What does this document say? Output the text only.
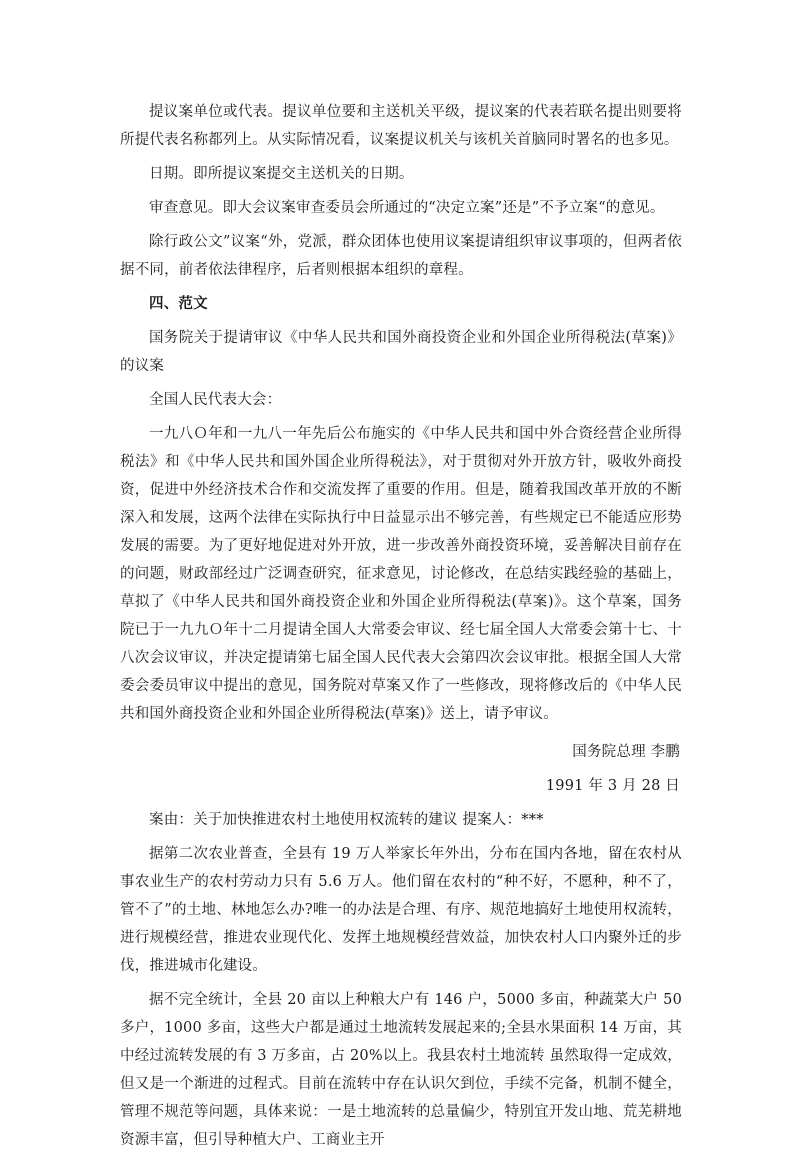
提议案单位或代表。提议单位要和主送机关平级，提议案的代表若联名提出则要将所提代表名称都列上。从实际情况看，议案提议机关与该机关首脑同时署名的也多见。

日期。即所提议案提交主送机关的日期。

审查意见。即大会议案审查委员会所通过的“决定立案”还是”不予立案“的意见。

除行政公文”议案“外，党派，群众团体也使用议案提请组织审议事项的，但两者依据不同，前者依法律程序，后者则根据本组织的章程。

四、范文

国务院关于提请审议《中华人民共和国外商投资企业和外国企业所得税法(草案)》的议案

全国人民代表大会：

一九八Ｏ年和一九八一年先后公布施实的《中华人民共和国中外合资经营企业所得税法》和《中华人民共和国外国企业所得税法》，对于贯彻对外开放方针，吸收外商投资，促进中外经济技术合作和交流发挥了重要的作用。但是，随着我国改革开放的不断深入和发展，这两个法律在实际执行中日益显示出不够完善，有些规定已不能适应形势发展的需要。为了更好地促进对外开放，进一步改善外商投资环境，妥善解决目前存在的问题，财政部经过广泛调查研究，征求意见，讨论修改，在总结实践经验的基础上，草拟了《中华人民共和国外商投资企业和外国企业所得税法(草案)》。这个草案，国务院已于一九九Ｏ年十二月提请全国人大常委会审议、经七届全国人大常委会第十七、十八次会议审议，并决定提请第七届全国人民代表大会第四次会议审批。根据全国人大常委会委员审议中提出的意见，国务院对草案又作了一些修改，现将修改后的《中华人民共和国外商投资企业和外国企业所得税法(草案)》送上，请予审议。

国务院总理 李鹏

1991 年 3 月 28 日

案由：关于加快推进农村土地使用权流转的建议 提案人：***

据第二次农业普查，全县有 19 万人举家长年外出，分布在国内各地，留在农村从事农业生产的农村劳动力只有 5.6 万人。他们留在农村的“种不好，不愿种，种不了，管不了”的土地、林地怎么办?唯一的办法是合理、有序、规范地搞好土地使用权流转，进行规模经营，推进农业现代化、发挥土地规模经营效益，加快农村人口内聚外迁的步伐，推进城市化建设。

据不完全统计，全县 20 亩以上种粮大户有 146 户，5000 多亩，种蔬菜大户 50 多户，1000 多亩，这些大户都是通过土地流转发展起来的;全县水果面积 14 万亩，其中经过流转发展的有 3 万多亩，占 20%以上。我县农村土地流转 虽然取得一定成效，但又是一个渐进的过程式。目前在流转中存在认识欠到位，手续不完备，机制不健全，管理不规范等问题，具体来说：一是土地流转的总量偏少，特别宜开发山地、荒芜耕地资源丰富，但引导种植大户、工商业主开
